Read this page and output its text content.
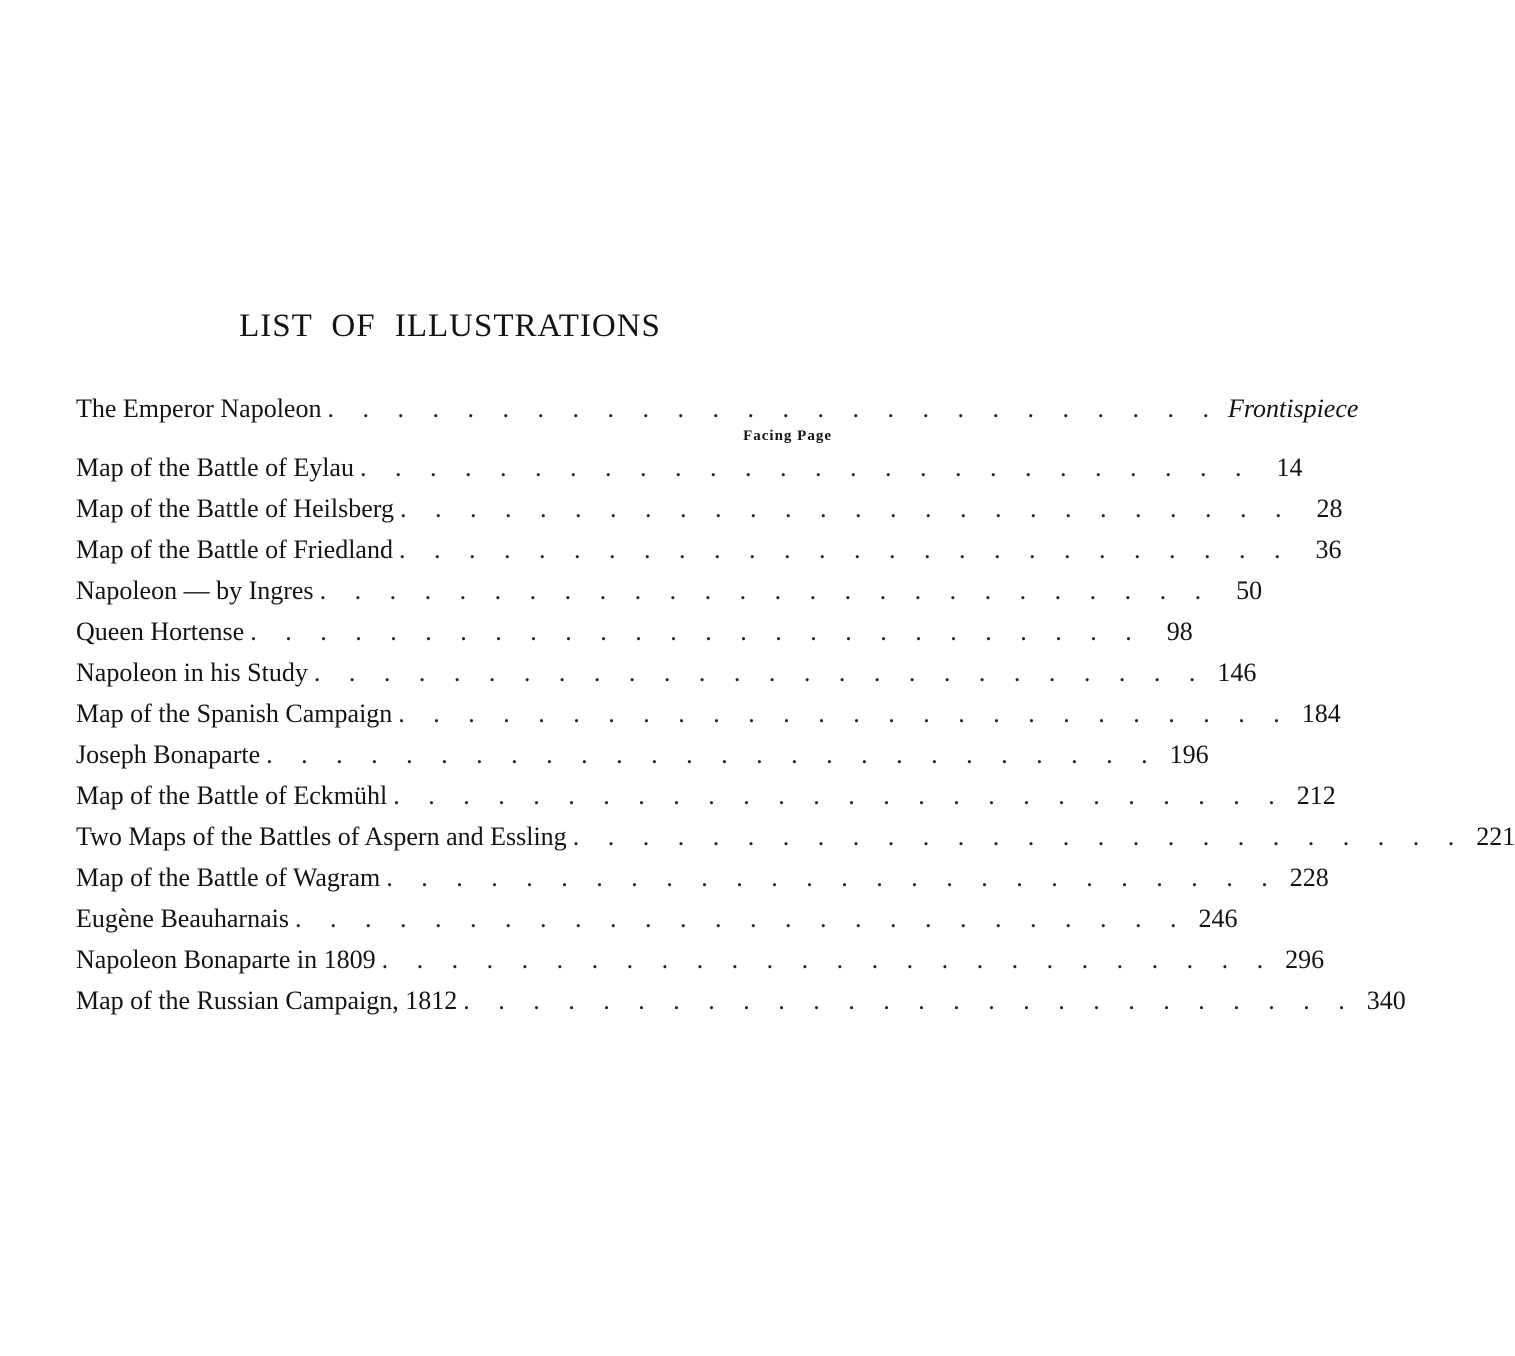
LIST OF ILLUSTRATIONS
The Emperor Napoleon . . . . . . . . . . . . . . . . . . . . . . . . . . Frontispiece
Facing Page
Map of the Battle of Eylau . . . . . . . . . . . . . . . . . . . . . . . . . . 14
Map of the Battle of Heilsberg . . . . . . . . . . . . . . . . . . . . . . . . . . 28
Map of the Battle of Friedland . . . . . . . . . . . . . . . . . . . . . . . . . . 36
Napoleon — by Ingres . . . . . . . . . . . . . . . . . . . . . . . . . . 50
Queen Hortense . . . . . . . . . . . . . . . . . . . . . . . . . . 98
Napoleon in his Study . . . . . . . . . . . . . . . . . . . . . . . . . . 146
Map of the Spanish Campaign . . . . . . . . . . . . . . . . . . . . . . . . . . 184
Joseph Bonaparte . . . . . . . . . . . . . . . . . . . . . . . . . . 196
Map of the Battle of Eckmühl . . . . . . . . . . . . . . . . . . . . . . . . . . 212
Two Maps of the Battles of Aspern and Essling . . . . . . . . . . . . . . . . . . . . . . . . . . 221
Map of the Battle of Wagram . . . . . . . . . . . . . . . . . . . . . . . . . . 228
Eugène Beauharnais . . . . . . . . . . . . . . . . . . . . . . . . . . 246
Napoleon Bonaparte in 1809 . . . . . . . . . . . . . . . . . . . . . . . . . . 296
Map of the Russian Campaign, 1812 . . . . . . . . . . . . . . . . . . . . . . . . . . 340
